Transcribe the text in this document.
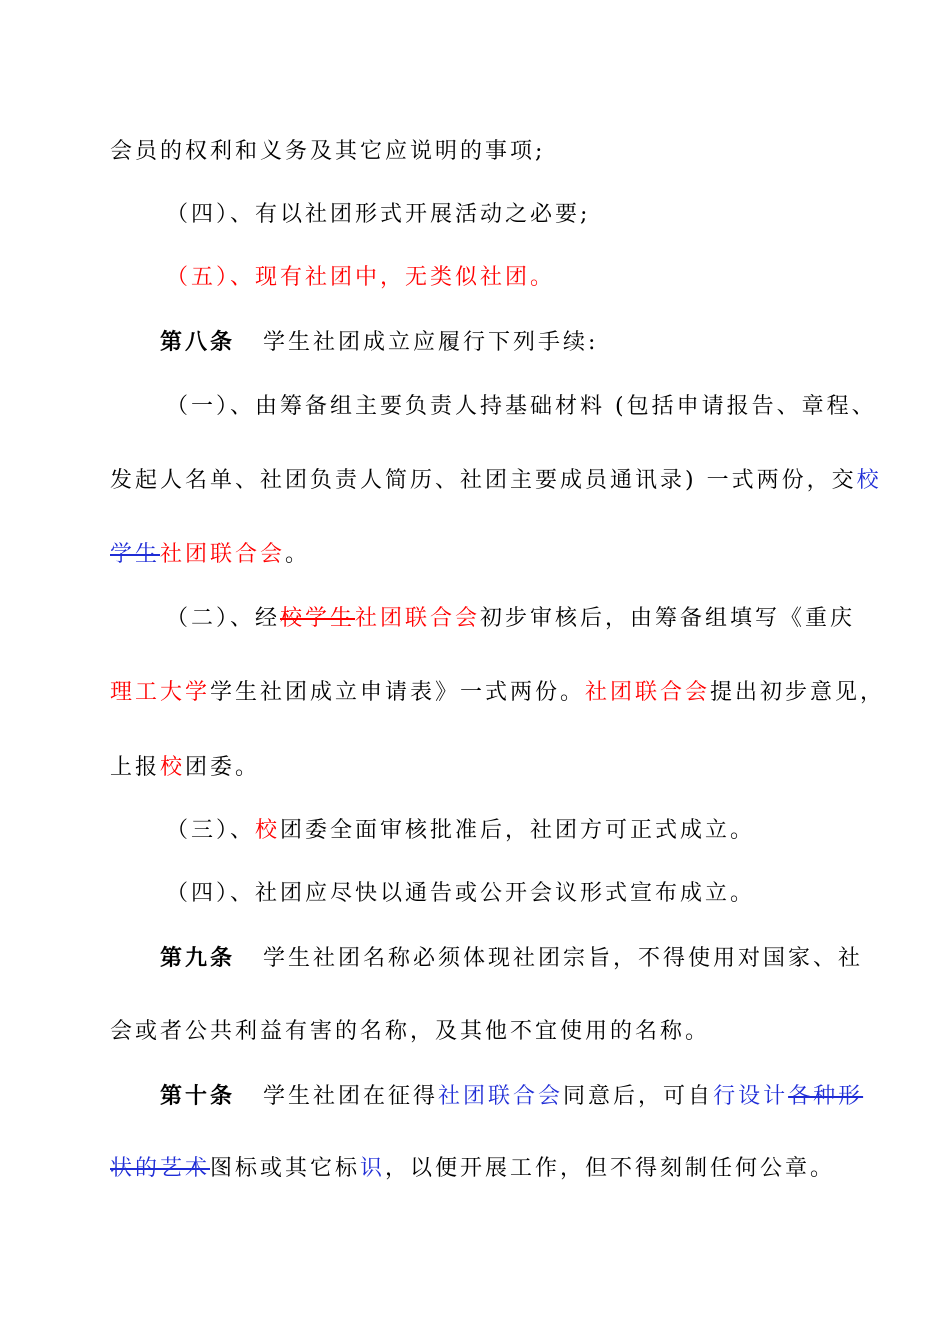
会员的权利和义务及其它应说明的事项;
（四）、有以社团形式开展活动之必要;
（五）、现有社团中，无类似社团。
第八条 学生社团成立应履行下列手续:
（一）、由筹备组主要负责人持基础材料 (包括申请报告、章程、
发起人名单、社团负责人简历、社团主要成员通讯录) 一式两份，交校
学生社团联合会。
（二）、经校学生社团联合会初步审核后，由筹备组填写《重庆
理工大学学生社团成立申请表》一式两份。社团联合会提出初步意见，
上报校团委。
（三）、校团委全面审核批准后，社团方可正式成立。
（四）、社团应尽快以通告或公开会议形式宣布成立。
第九条 学生社团名称必须体现社团宗旨，不得使用对国家、社
会或者公共利益有害的名称，及其他不宜使用的名称。
第十条 学生社团在征得社团联合会同意后，可自行设计各种形
状的艺术图标或其它标识，以便开展工作，但不得刻制任何公章。
